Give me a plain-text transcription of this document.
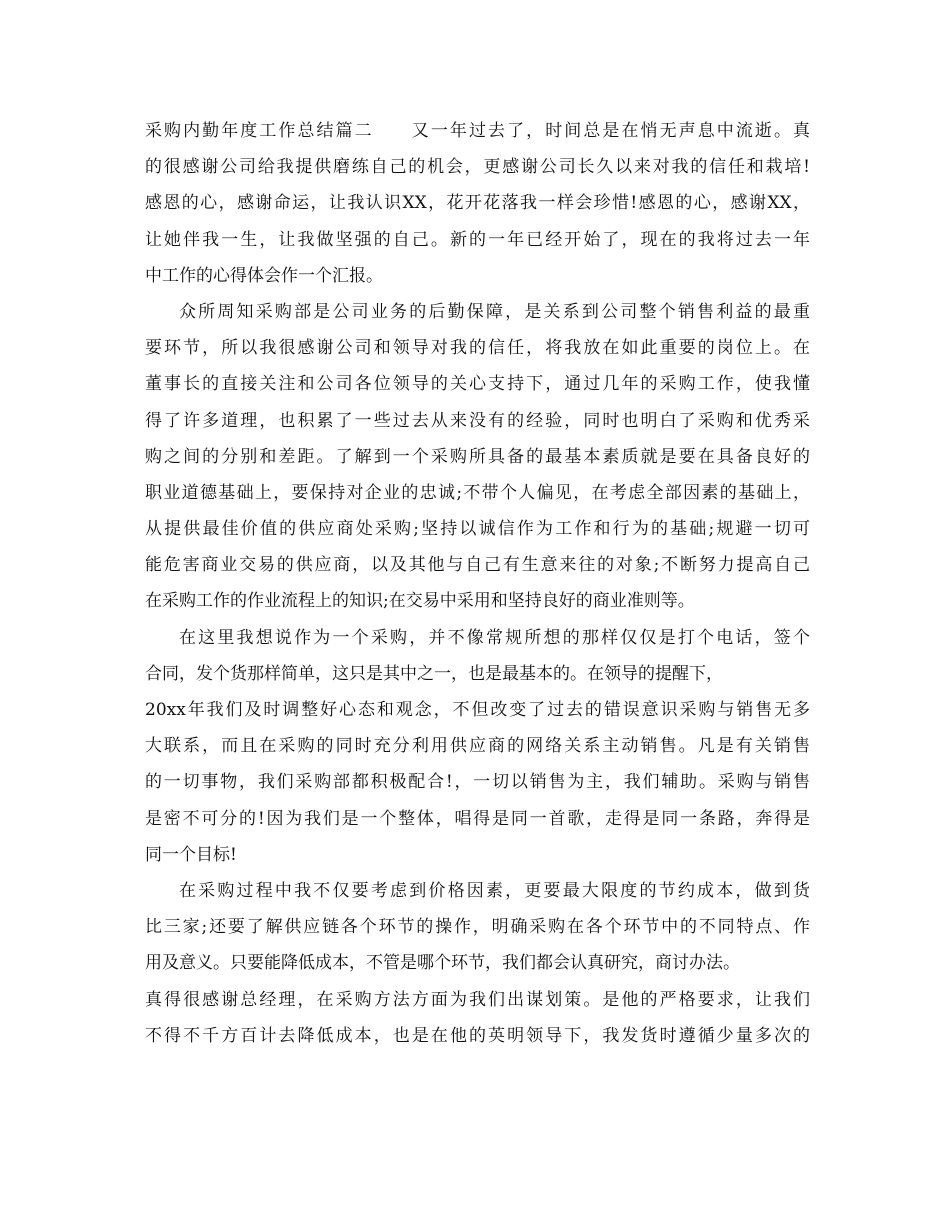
采购内勤年度工作总结篇二 又一年过去了，时间总是在悄无声息中流逝。真
的很感谢公司给我提供磨练自己的机会，更感谢公司长久以来对我的信任和栽培!
感恩的心，感谢命运，让我认识XX，花开花落我一样会珍惜!感恩的心，感谢XX，
让她伴我一生，让我做坚强的自己。新的一年已经开始了，现在的我将过去一年
中工作的心得体会作一个汇报。
众所周知采购部是公司业务的后勤保障，是关系到公司整个销售利益的最重
要环节，所以我很感谢公司和领导对我的信任，将我放在如此重要的岗位上。在
董事长的直接关注和公司各位领导的关心支持下，通过几年的采购工作，使我懂
得了许多道理，也积累了一些过去从来没有的经验，同时也明白了采购和优秀采
购之间的分别和差距。了解到一个采购所具备的最基本素质就是要在具备良好的
职业道德基础上，要保持对企业的忠诚;不带个人偏见，在考虑全部因素的基础上，
从提供最佳价值的供应商处采购;坚持以诚信作为工作和行为的基础;规避一切可
能危害商业交易的供应商，以及其他与自己有生意来往的对象;不断努力提高自己
在采购工作的作业流程上的知识;在交易中采用和坚持良好的商业准则等。
在这里我想说作为一个采购，并不像常规所想的那样仅仅是打个电话，签个
合同，发个货那样简单，这只是其中之一，也是最基本的。在领导的提醒下，
20xx年我们及时调整好心态和观念，不但改变了过去的错误意识采购与销售无多
大联系，而且在采购的同时充分利用供应商的网络关系主动销售。凡是有关销售
的一切事物，我们采购部都积极配合!，一切以销售为主，我们辅助。采购与销售
是密不可分的!因为我们是一个整体，唱得是同一首歌，走得是同一条路，奔得是
同一个目标!
在采购过程中我不仅要考虑到价格因素，更要最大限度的节约成本，做到货
比三家;还要了解供应链各个环节的操作，明确采购在各个环节中的不同特点、作
用及意义。只要能降低成本，不管是哪个环节，我们都会认真研究，商讨办法。
真得很感谢总经理，在采购方法方面为我们出谋划策。是他的严格要求，让我们
不得不千方百计去降低成本，也是在他的英明领导下，我发货时遵循少量多次的
